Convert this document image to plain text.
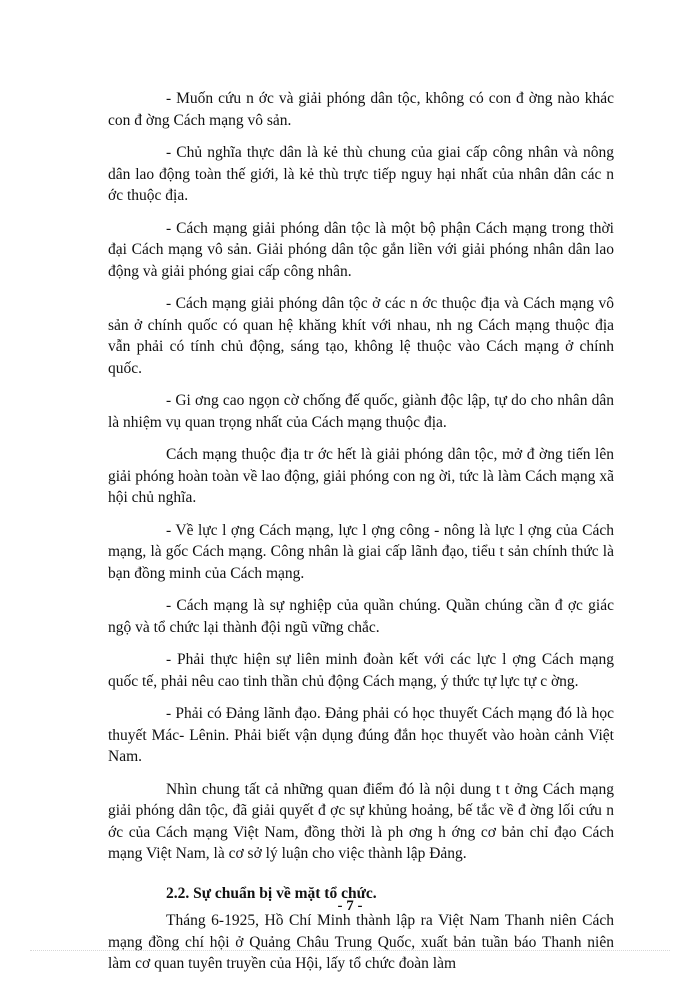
- Muốn cứu n ớc và giải phóng dân tộc, không có con đ ờng nào khác con đ ờng Cách mạng vô sản.

- Chủ nghĩa thực dân là kẻ thù chung của giai cấp công nhân và nông dân lao động toàn thế giới, là kẻ thù trực tiếp nguy hại nhất của nhân dân các n ớc thuộc địa.

- Cách mạng giải phóng dân tộc là một bộ phận Cách mạng trong thời đại Cách mạng vô sản. Giải phóng dân tộc gắn liền với giải phóng nhân dân lao động và giải phóng giai cấp công nhân.

- Cách mạng giải phóng dân tộc ở các n ớc thuộc địa và Cách mạng vô sản ở chính quốc có quan hệ khăng khít với nhau, nh ng Cách mạng thuộc địa vẫn phải có tính chủ động, sáng tạo, không lệ thuộc vào Cách mạng ở chính quốc.

- Gi ơng cao ngọn cờ chống đế quốc, giành độc lập, tự do cho nhân dân là nhiệm vụ quan trọng nhất của Cách mạng thuộc địa.

Cách mạng thuộc địa tr ớc hết là giải phóng dân tộc, mở đ ờng tiến lên giải phóng hoàn toàn về lao động, giải phóng con ng ời, tức là làm Cách mạng xã hội chủ nghĩa.

- Về lực l ợng Cách mạng, lực l ợng công - nông là lực l ợng của Cách mạng, là gốc Cách mạng. Công nhân là giai cấp lãnh đạo, tiểu t sản chính thức là bạn đồng minh của Cách mạng.

- Cách mạng là sự nghiệp của quần chúng. Quần chúng cần đ ợc giác ngộ và tổ chức lại thành đội ngũ vững chắc.

- Phải thực hiện sự liên minh đoàn kết với các lực l ợng Cách mạng quốc tế, phải nêu cao tinh thần chủ động Cách mạng, ý thức tự lực tự c ờng.

- Phải có Đảng lãnh đạo. Đảng phải có học thuyết Cách mạng đó là học thuyết Mác- Lênin. Phải biết vận dụng đúng đắn học thuyết vào hoàn cảnh Việt Nam.

Nhìn chung tất cả những quan điểm đó là nội dung t t ởng Cách mạng giải phóng dân tộc, đã giải quyết đ ợc sự khủng hoảng, bế tắc về đ ờng lối cứu n ớc của Cách mạng Việt Nam, đồng thời là ph ơng h ớng cơ bản chỉ đạo Cách mạng Việt Nam, là cơ sở lý luận cho việc thành lập Đảng.

2.2. Sự chuẩn bị về mặt tổ chức.

Tháng 6-1925, Hồ Chí Minh thành lập ra Việt Nam Thanh niên Cách mạng đồng chí hội ở Quảng Châu Trung Quốc, xuất bản tuần báo Thanh niên làm cơ quan tuyên truyền của Hội, lấy tổ chức đoàn làm

- 7 -
